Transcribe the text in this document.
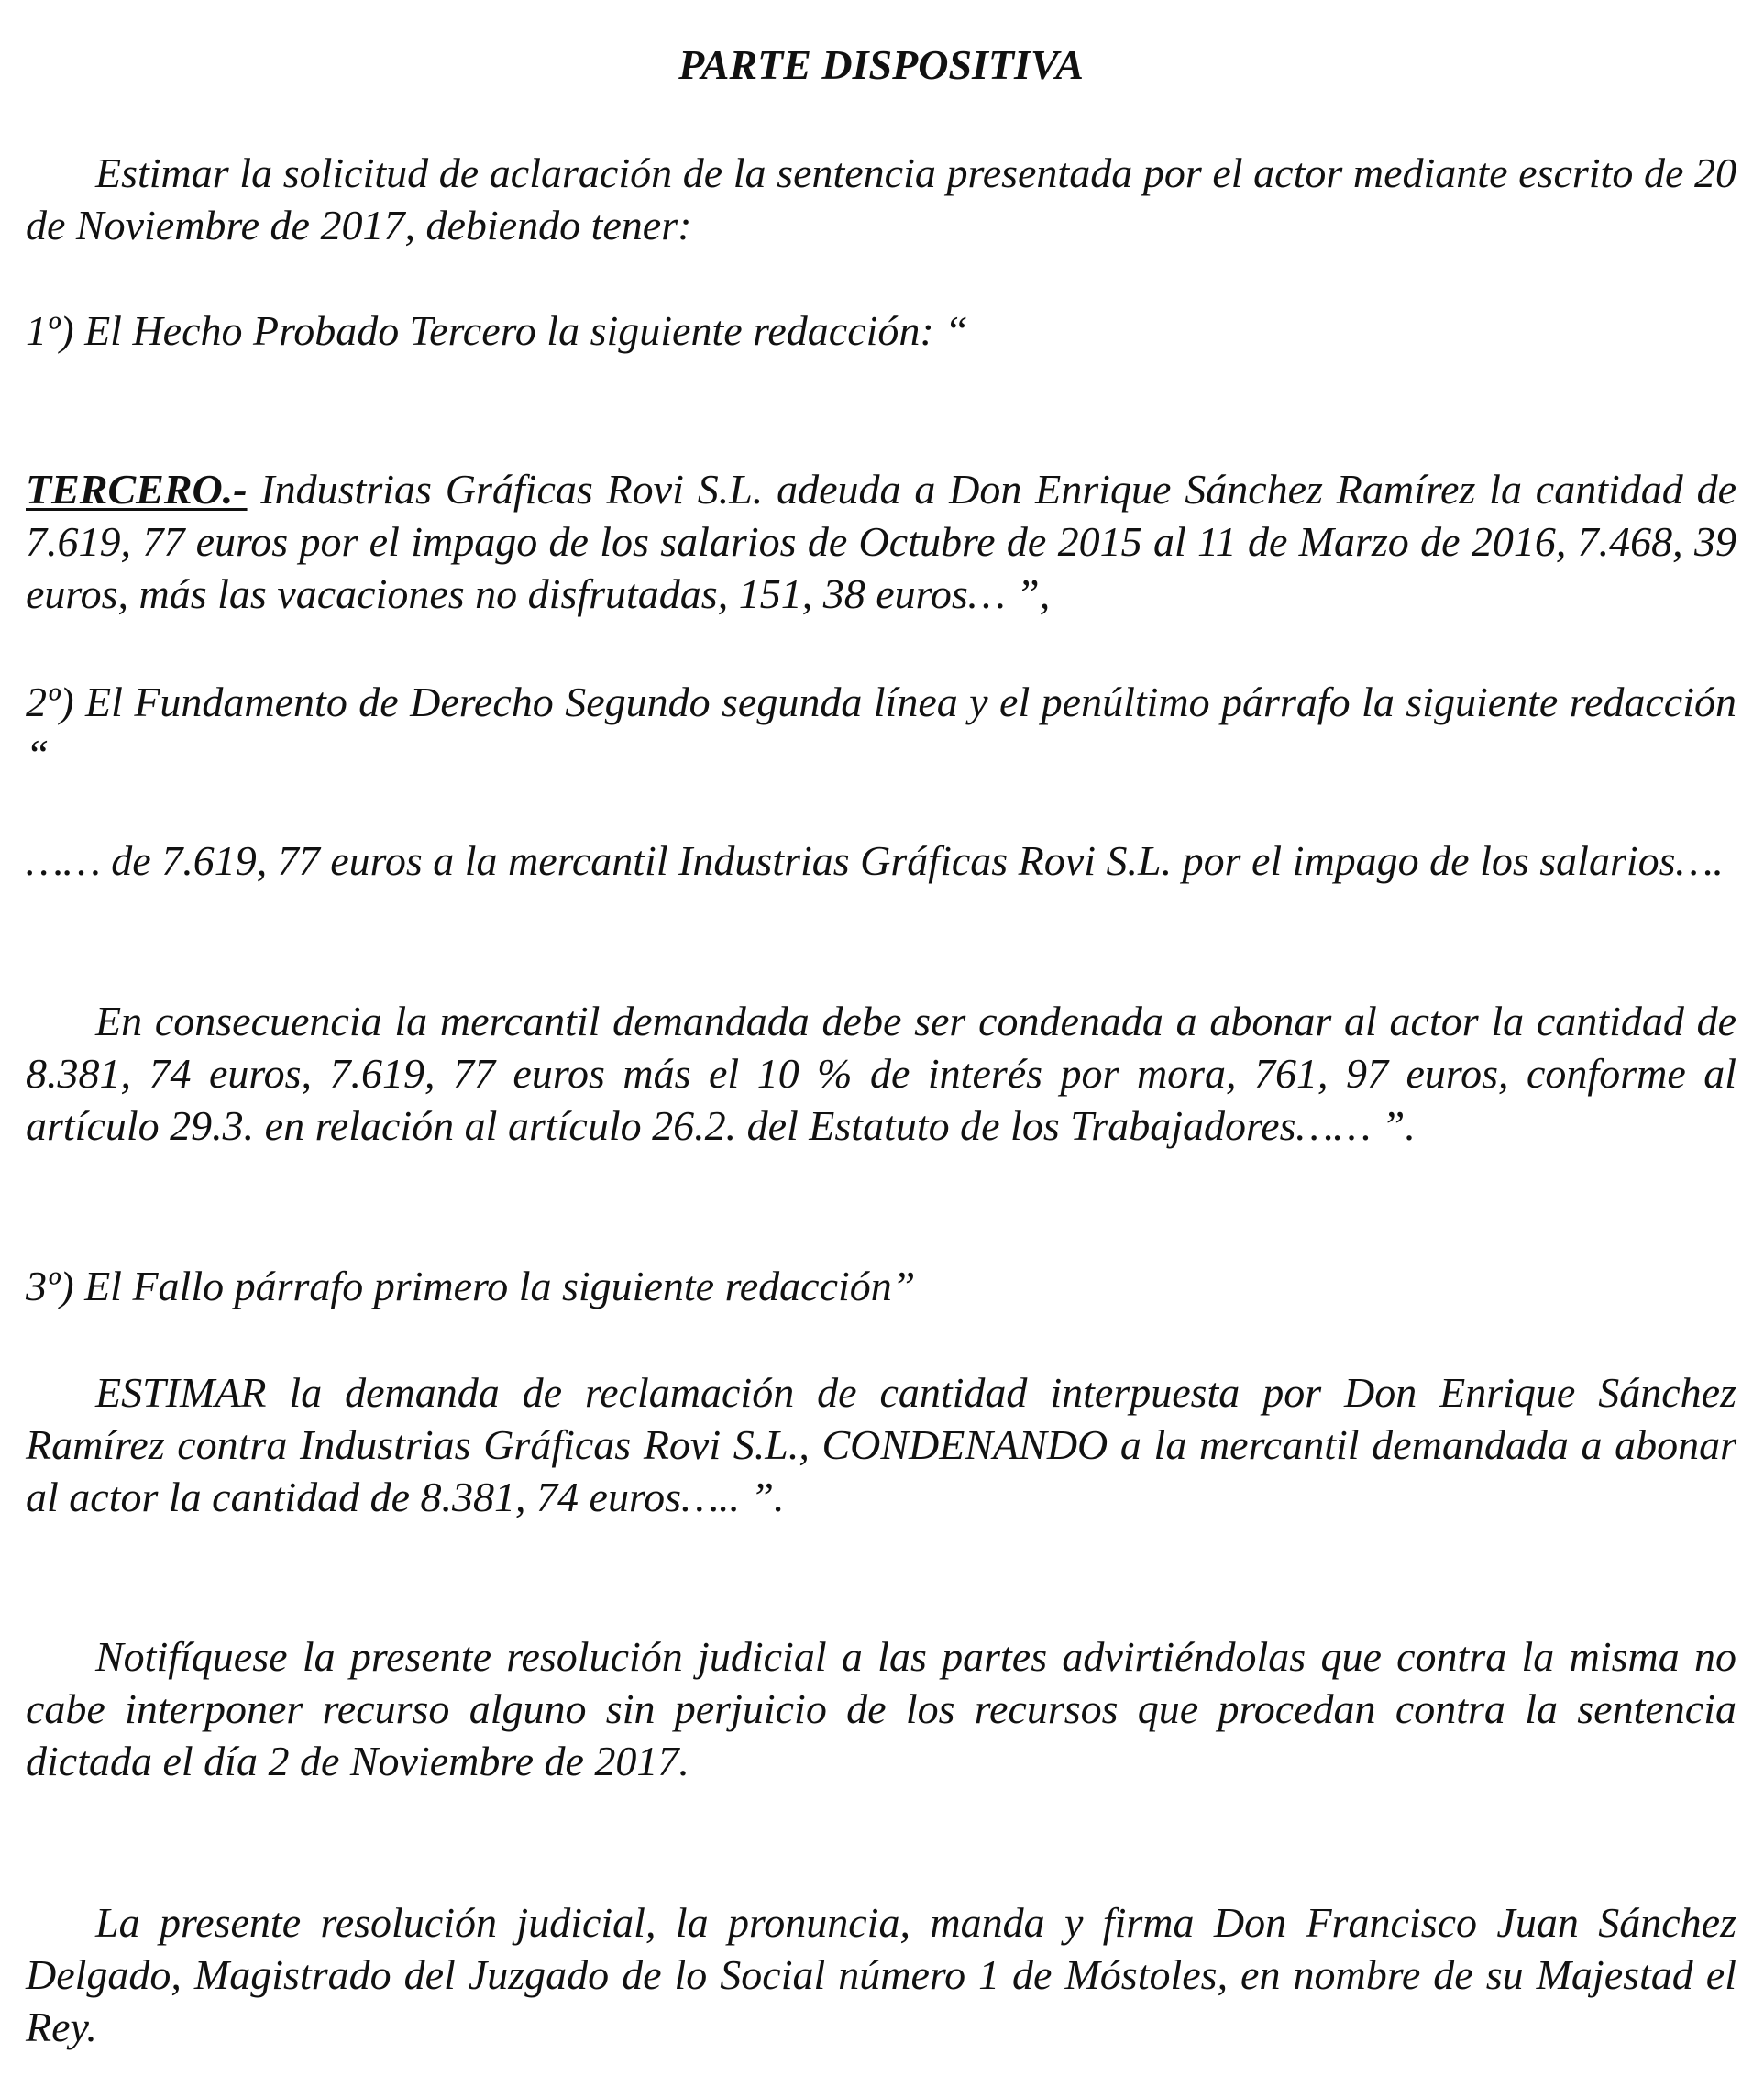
PARTE DISPOSITIVA

Estimar la solicitud de aclaración de la sentencia presentada por el actor mediante escrito de 20 de Noviembre de 2017, debiendo tener:

1º) El Hecho Probado Tercero la siguiente redacción: “

TERCERO.- Industrias Gráficas Rovi S.L. adeuda a Don Enrique Sánchez Ramírez la cantidad de 7.619, 77 euros por el impago de los salarios de Octubre de 2015 al 11 de Marzo de 2016, 7.468, 39 euros, más las vacaciones no disfrutadas, 151, 38 euros… ”,

2º) El Fundamento de Derecho Segundo segunda línea y el penúltimo párrafo la siguiente redacción “

…… de 7.619, 77 euros a la mercantil Industrias Gráficas Rovi S.L. por el impago de los salarios….

En consecuencia la mercantil demandada debe ser condenada a abonar al actor la cantidad de 8.381, 74 euros, 7.619, 77 euros más el 10 % de interés por mora, 761, 97 euros, conforme al artículo 29.3. en relación al artículo 26.2. del Estatuto de los Trabajadores…… ”.

3º) El Fallo párrafo primero la siguiente redacción”

ESTIMAR la demanda de reclamación de cantidad interpuesta por Don Enrique Sánchez Ramírez contra Industrias Gráficas Rovi S.L., CONDENANDO a la mercantil demandada a abonar al actor la cantidad de 8.381, 74 euros….. ”.

Notifíquese la presente resolución judicial a las partes advirtiéndolas que contra la misma no cabe interponer recurso alguno sin perjuicio de los recursos que procedan contra la sentencia dictada el día 2 de Noviembre de 2017.

La presente resolución judicial, la pronuncia, manda y firma Don Francisco Juan Sánchez Delgado, Magistrado del Juzgado de lo Social número 1 de Móstoles, en nombre de su Majestad el Rey.
